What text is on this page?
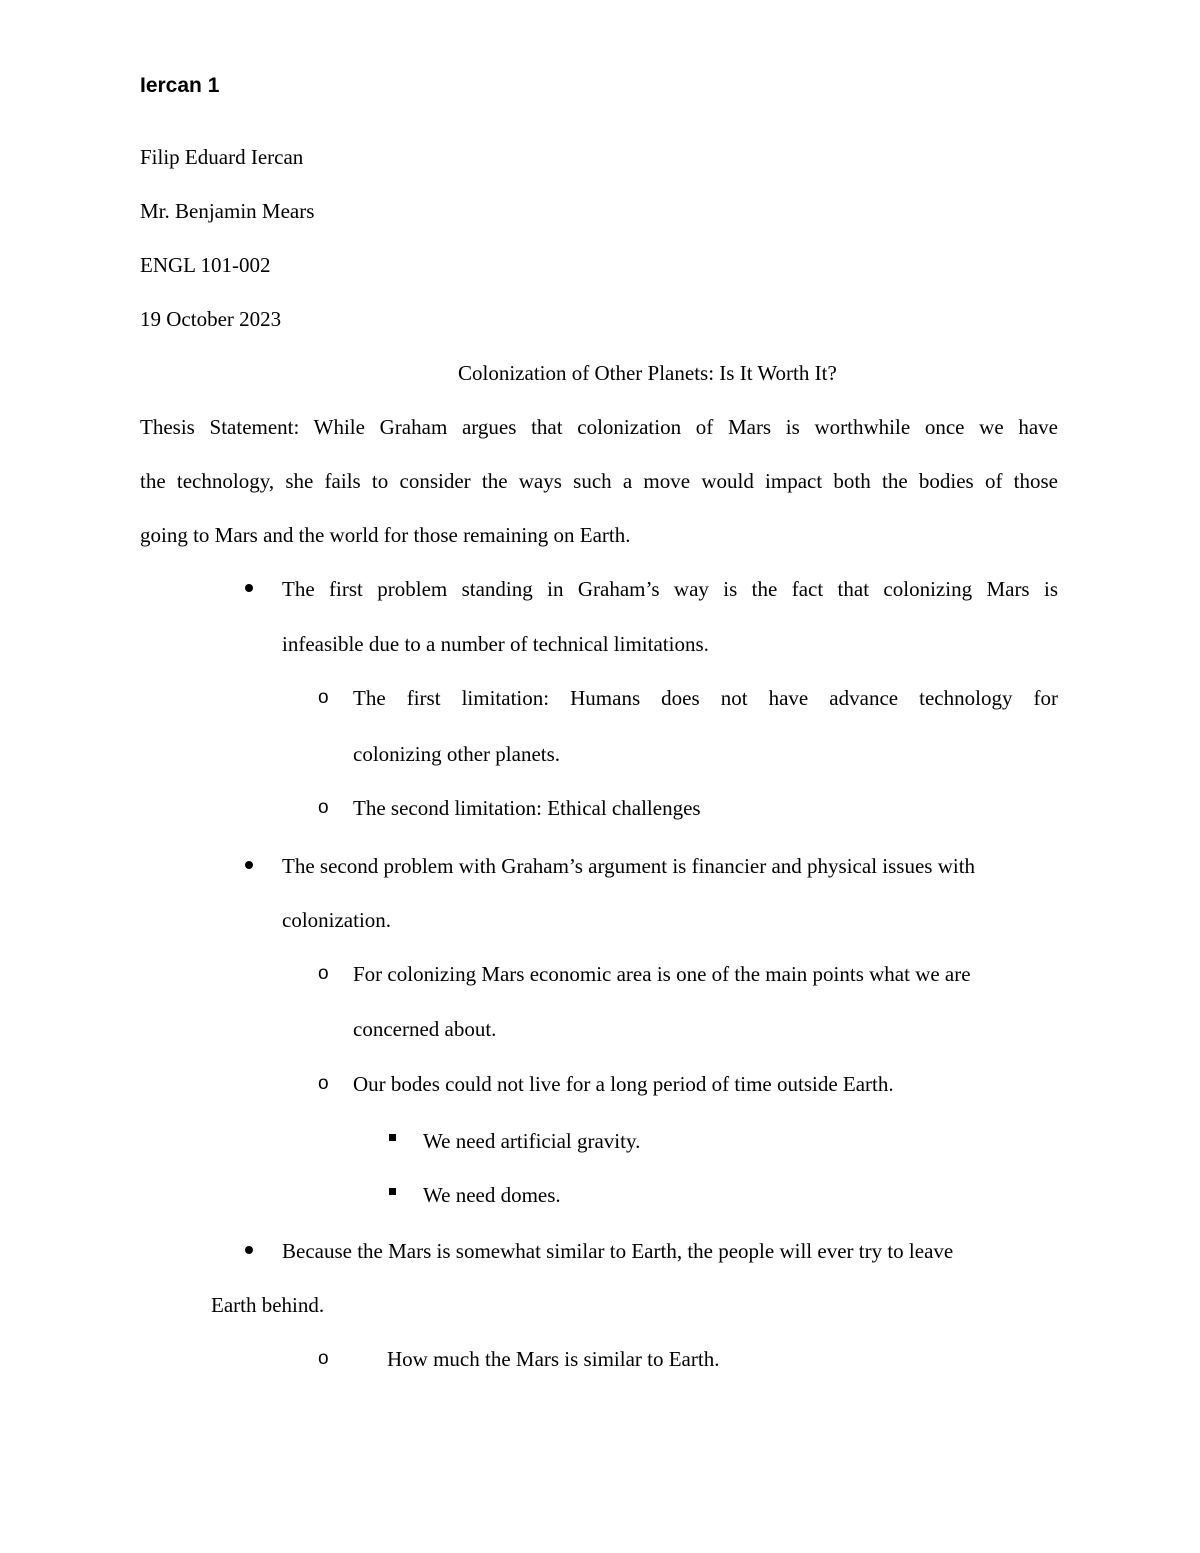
Iercan 1
Filip Eduard Iercan
Mr. Benjamin Mears
ENGL 101-002
19 October 2023
Colonization of Other Planets: Is It Worth It?
Thesis Statement: While Graham argues that colonization of Mars is worthwhile once we have
the technology, she fails to consider the ways such a move would impact both the bodies of those
going to Mars and the world for those remaining on Earth.
The first problem standing in Graham’s way is the fact that colonizing Mars is
infeasible due to a number of technical limitations.
o The first limitation: Humans does not have advance technology for
colonizing other planets.
o The second limitation: Ethical challenges
The second problem with Graham’s argument is financier and physical issues with
colonization.
o For colonizing Mars economic area is one of the main points what we are
concerned about.
o Our bodes could not live for a long period of time outside Earth.
We need artificial gravity.
We need domes.
Because the Mars is somewhat similar to Earth, the people will ever try to leave
Earth behind.
o	How much the Mars is similar to Earth.
